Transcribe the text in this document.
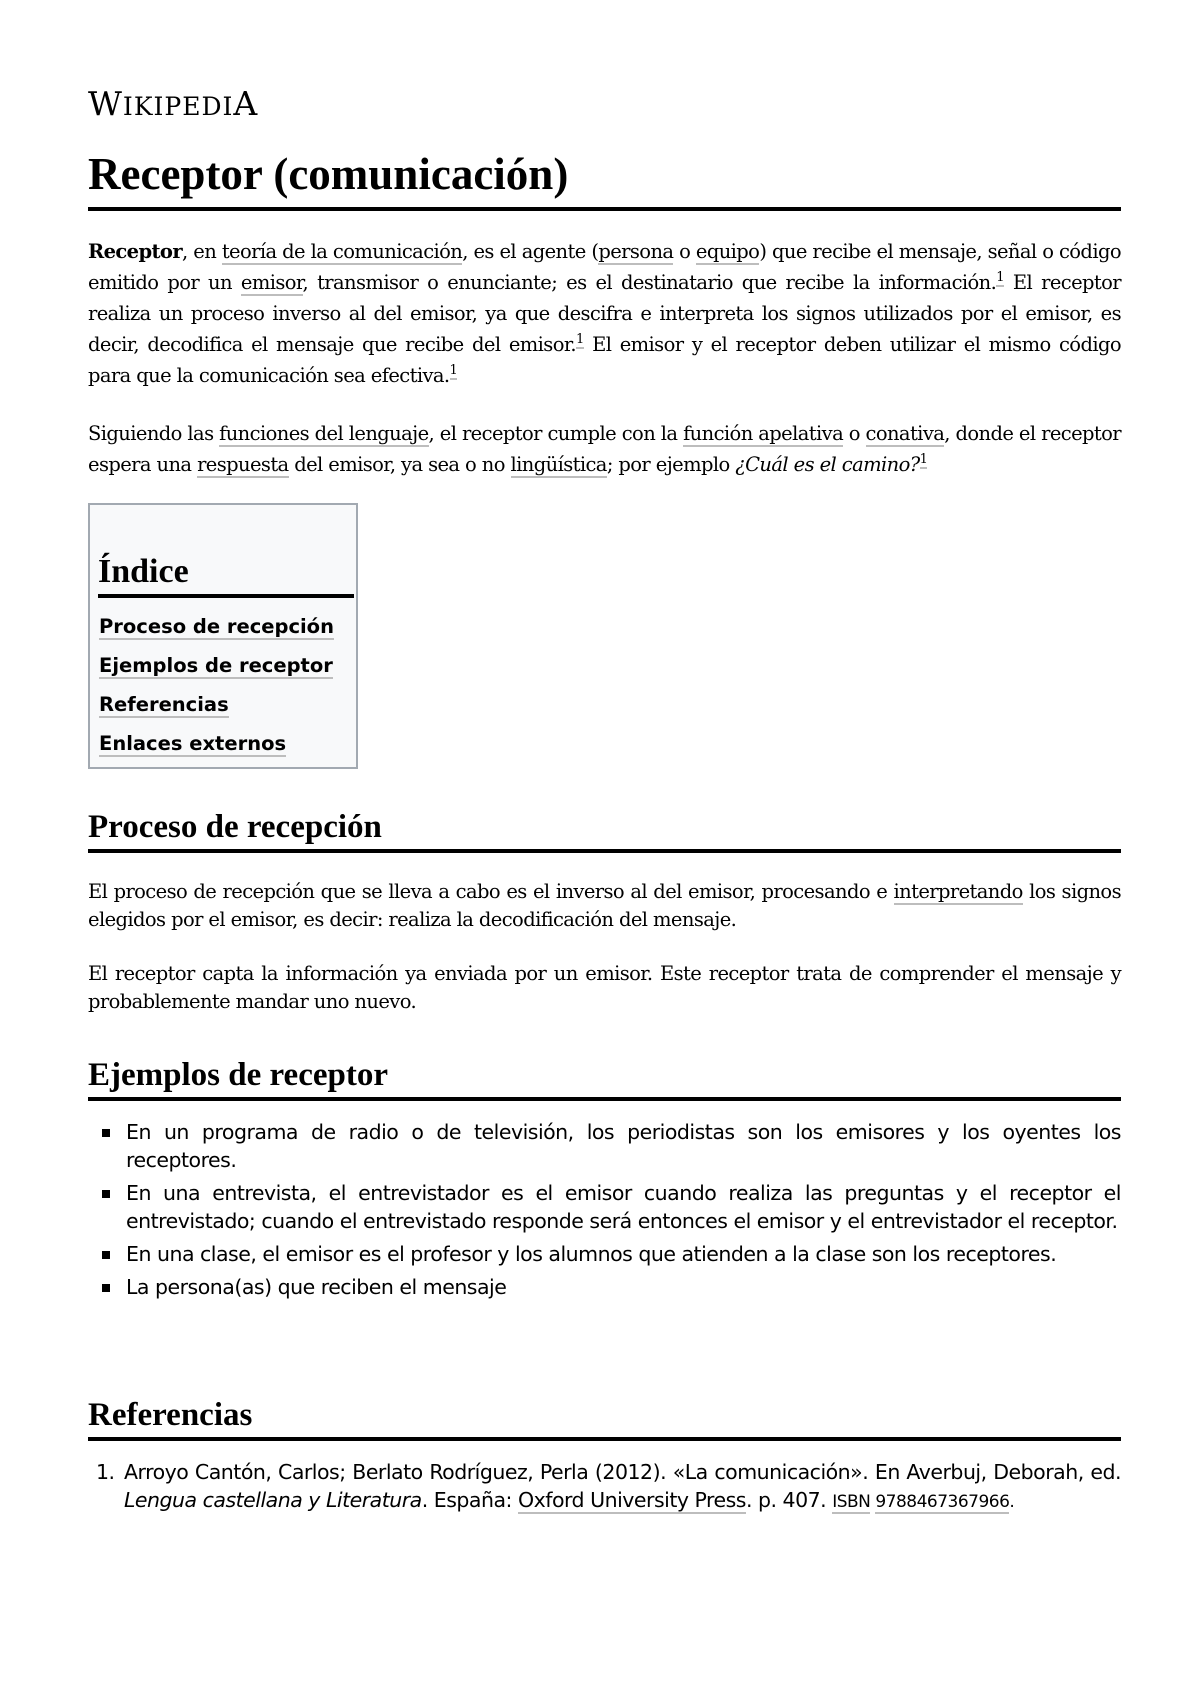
WIKIPEDIA
Receptor (comunicación)

Receptor, en teoría de la comunicación, es el agente (persona o equipo) que recibe el mensaje, señal o código emitido por un emisor, transmisor o enunciante; es el destinatario que recibe la información.$^1$ El receptor realiza un proceso inverso al del emisor, ya que descifra e interpreta los signos utilizados por el emisor, es decir, decodifica el mensaje que recibe del emisor.$^1$ El emisor y el receptor deben utilizar el mismo código para que la comunicación sea efectiva.$^1$

Siguiendo las funciones del lenguaje, el receptor cumple con la función apelativa o conativa, donde el receptor espera una respuesta del emisor, ya sea o no lingüística; por ejemplo ¿Cuál es el camino?$^1$

Índice
Proceso de recepción
Ejemplos de receptor
Referencias
Enlaces externos
Proceso de recepción

El proceso de recepción que se lleva a cabo es el inverso al del emisor, procesando e interpretando los signos elegidos por el emisor, es decir: realiza la decodificación del mensaje.

El receptor capta la información ya enviada por un emisor. Este receptor trata de comprender el mensaje y probablemente mandar uno nuevo.

Ejemplos de receptor
En un programa de radio o de televisión, los periodistas son los emisores y los oyentes los receptores.
En una entrevista, el entrevistador es el emisor cuando realiza las preguntas y el receptor el entrevistado; cuando el entrevistado responde será entonces el emisor y el entrevistador el receptor.
En una clase, el emisor es el profesor y los alumnos que atienden a la clase son los receptores.
La persona(as) que reciben el mensaje
Referencias
1. Arroyo Cantón, Carlos; Berlato Rodríguez, Perla (2012). «La comunicación». En Averbuj, Deborah, ed. Lengua castellana y Literatura. España: Oxford University Press. p. 407. ISBN 9788467367966.
